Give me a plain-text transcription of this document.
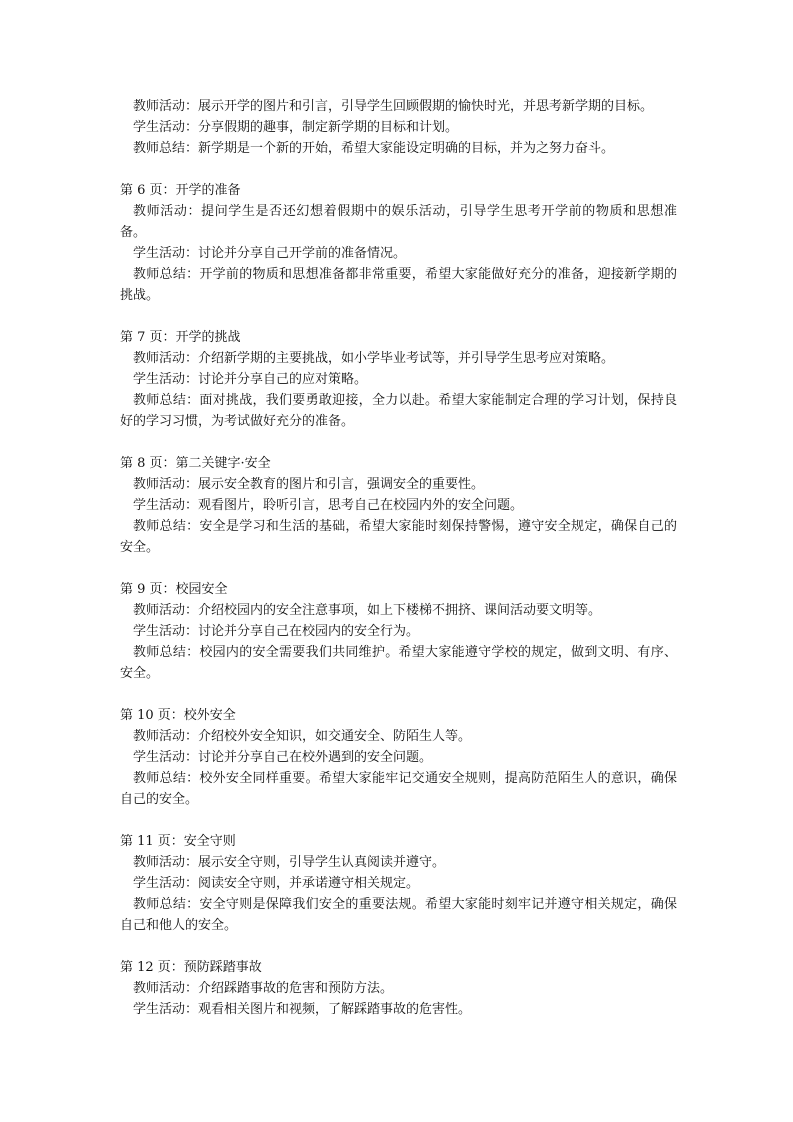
教师活动：展示开学的图片和引言，引导学生回顾假期的愉快时光，并思考新学期的目标。

学生活动：分享假期的趣事，制定新学期的目标和计划。

教师总结：新学期是一个新的开始，希望大家能设定明确的目标，并为之努力奋斗。

第 6 页：开学的准备

教师活动：提问学生是否还幻想着假期中的娱乐活动，引导学生思考开学前的物质和思想准备。

学生活动：讨论并分享自己开学前的准备情况。

教师总结：开学前的物质和思想准备都非常重要，希望大家能做好充分的准备，迎接新学期的挑战。

第 7 页：开学的挑战

教师活动：介绍新学期的主要挑战，如小学毕业考试等，并引导学生思考应对策略。

学生活动：讨论并分享自己的应对策略。

教师总结：面对挑战，我们要勇敢迎接，全力以赴。希望大家能制定合理的学习计划，保持良好的学习习惯，为考试做好充分的准备。

第 8 页：第二关键字·安全

教师活动：展示安全教育的图片和引言，强调安全的重要性。

学生活动：观看图片，聆听引言，思考自己在校园内外的安全问题。

教师总结：安全是学习和生活的基础，希望大家能时刻保持警惕，遵守安全规定，确保自己的安全。

第 9 页：校园安全

教师活动：介绍校园内的安全注意事项，如上下楼梯不拥挤、课间活动要文明等。

学生活动：讨论并分享自己在校园内的安全行为。

教师总结：校园内的安全需要我们共同维护。希望大家能遵守学校的规定，做到文明、有序、安全。

第 10 页：校外安全

教师活动：介绍校外安全知识，如交通安全、防陌生人等。

学生活动：讨论并分享自己在校外遇到的安全问题。

教师总结：校外安全同样重要。希望大家能牢记交通安全规则，提高防范陌生人的意识，确保自己的安全。

第 11 页：安全守则

教师活动：展示安全守则，引导学生认真阅读并遵守。

学生活动：阅读安全守则，并承诺遵守相关规定。

教师总结：安全守则是保障我们安全的重要法规。希望大家能时刻牢记并遵守相关规定，确保自己和他人的安全。

第 12 页：预防踩踏事故

教师活动：介绍踩踏事故的危害和预防方法。

学生活动：观看相关图片和视频，了解踩踏事故的危害性。
